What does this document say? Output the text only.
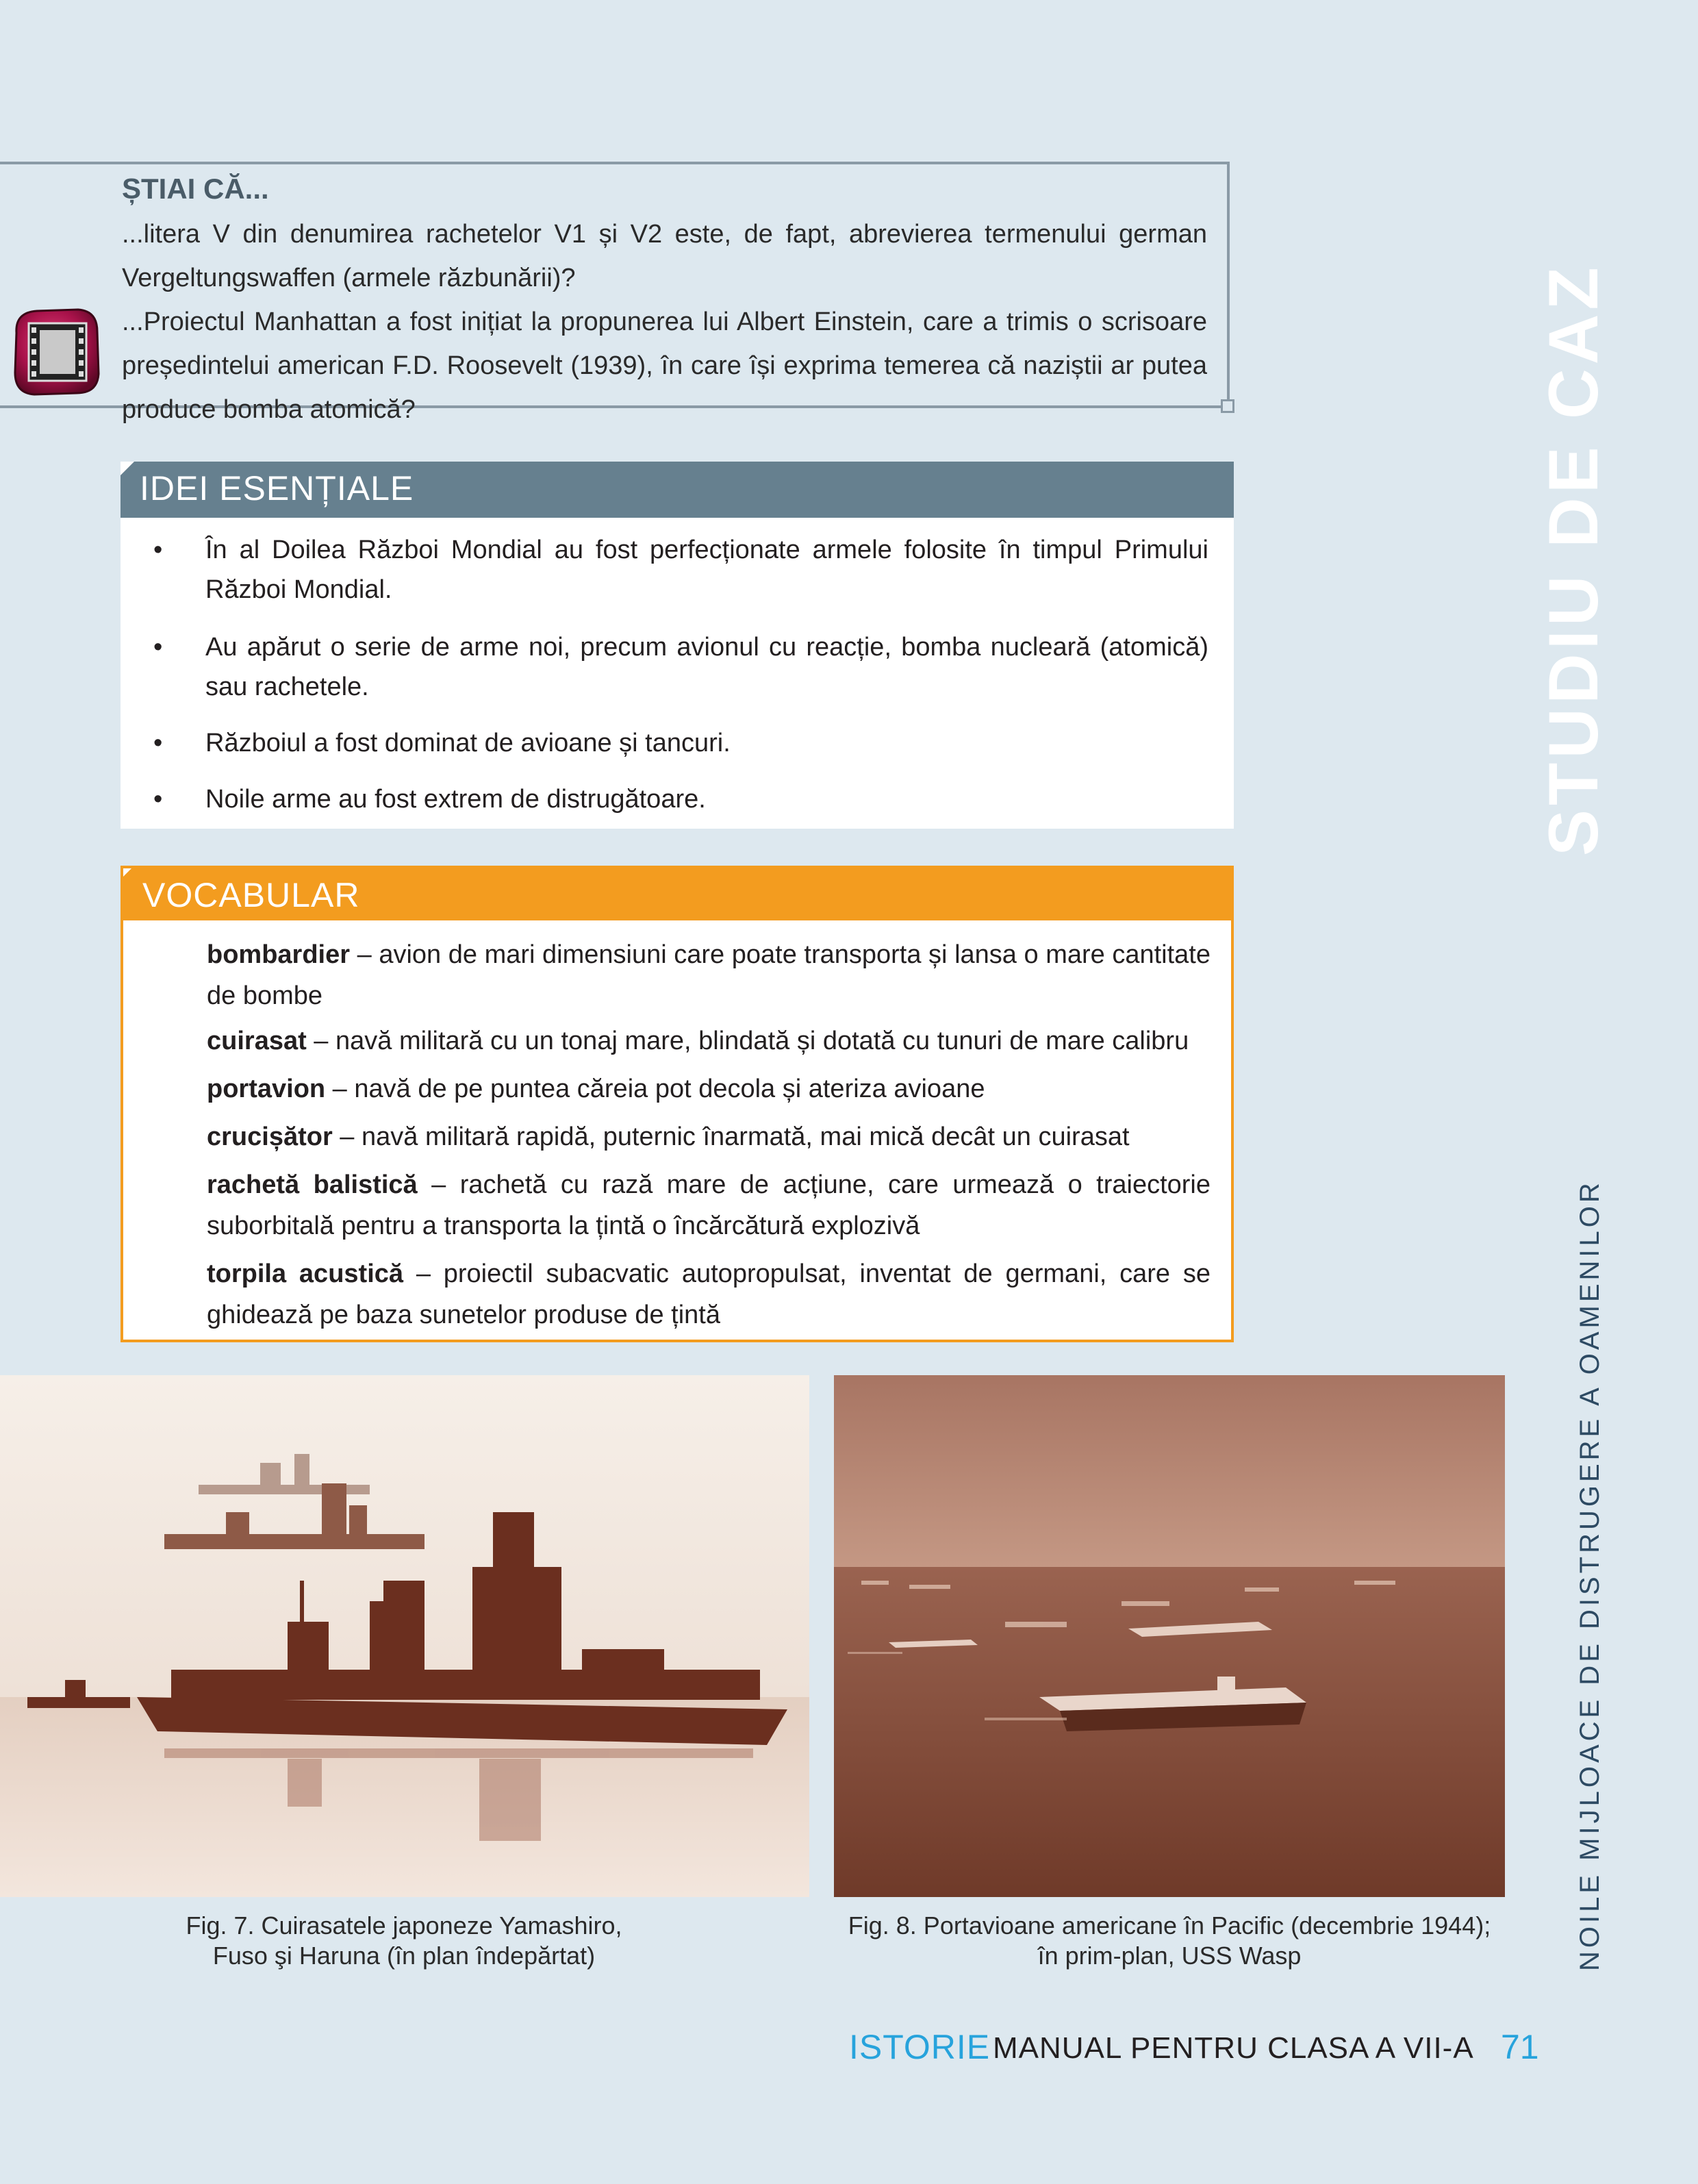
ȘTIAI CĂ...
...litera V din denumirea rachetelor V1 și V2 este, de fapt, abrevierea termenului german Vergeltungswaffen (armele răzbunării)?
...Proiectul Manhattan a fost inițiat la propunerea lui Albert Einstein, care a trimis o scrisoare președintelui american F.D. Roosevelt (1939), în care își exprima temerea că naziștii ar putea produce bomba atomică?
IDEI ESENȚIALE
• În al Doilea Război Mondial au fost perfecționate armele folosite în timpul Primului Război Mondial.
• Au apărut o serie de arme noi, precum avionul cu reacție, bomba nucleară (atomică) sau rachetele.
• Războiul a fost dominat de avioane și tancuri.
• Noile arme au fost extrem de distrugătoare.
VOCABULAR
bombardier – avion de mari dimensiuni care poate transporta și lansa o mare cantitate de bombe
cuirasat – navă militară cu un tonaj mare, blindată și dotată cu tunuri de mare calibru
portavion – navă de pe puntea căreia pot decola și ateriza avioane
crucișător – navă militară rapidă, puternic înarmată, mai mică decât un cuirasat
rachetă balistică – rachetă cu rază mare de acțiune, care urmează o traiectorie suborbitală pentru a transporta la țintă o încărcătură explozivă
torpila acustică – proiectil subacvatic autopropulsat, inventat de germani, care se ghidează pe baza sunetelor produse de țintă
STUDIU DE CAZ
NOILE MIJLOACE DE DISTRUGERE A OAMENILOR
Fig. 7. Cuirasatele japoneze Yamashiro,
Fuso şi Haruna (în plan îndepărtat)
Fig. 8. Portavioane americane în Pacific (decembrie 1944);
în prim-plan, USS Wasp
ISTORIE MANUAL PENTRU CLASA A VII-A 71
